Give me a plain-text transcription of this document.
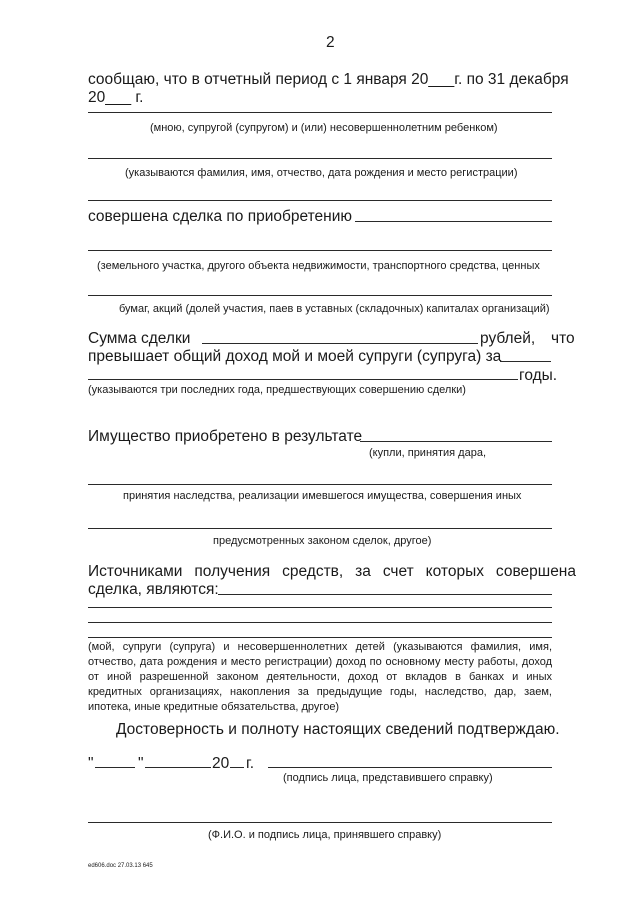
2
сообщаю, что в отчетный период с 1 января 20___г. по 31 декабря
20___ г.
(мною, супругой (супругом) и (или) несовершеннолетним ребенком)
(указываются фамилия, имя, отчество, дата рождения и место регистрации)
совершена сделка по приобретению
(земельного участка, другого объекта недвижимости, транспортного средства, ценных
бумаг, акций (долей участия, паев в уставных (складочных) капиталах организаций)
Сумма сделки	рублей, что
превышает общий доход мой и моей супруги (супруга) за
годы.
(указываются три последних года, предшествующих совершению сделки)
Имущество приобретено в результате
(купли, принятия дара,
принятия наследства, реализации имевшегося имущества, совершения иных
предусмотренных законом сделок, другое)
Источниками получения средств, за счет которых совершена
сделка, являются:
(мой, супруги (супруга) и несовершеннолетних детей (указываются фамилия, имя,
отчество, дата рождения и место регистрации) доход по основному месту работы, доход
от иной разрешенной законом деятельности, доход от вкладов в банках и иных
кредитных организациях, накопления за предыдущие годы, наследство, дар, заем,
ипотека, иные кредитные обязательства, другое)
Достоверность и полноту настоящих сведений подтверждаю.
"	"	20 г.
(подпись лица, представившего справку)
(Ф.И.О. и подпись лица, принявшего справку)
ed606.doc 27.03.13 645
